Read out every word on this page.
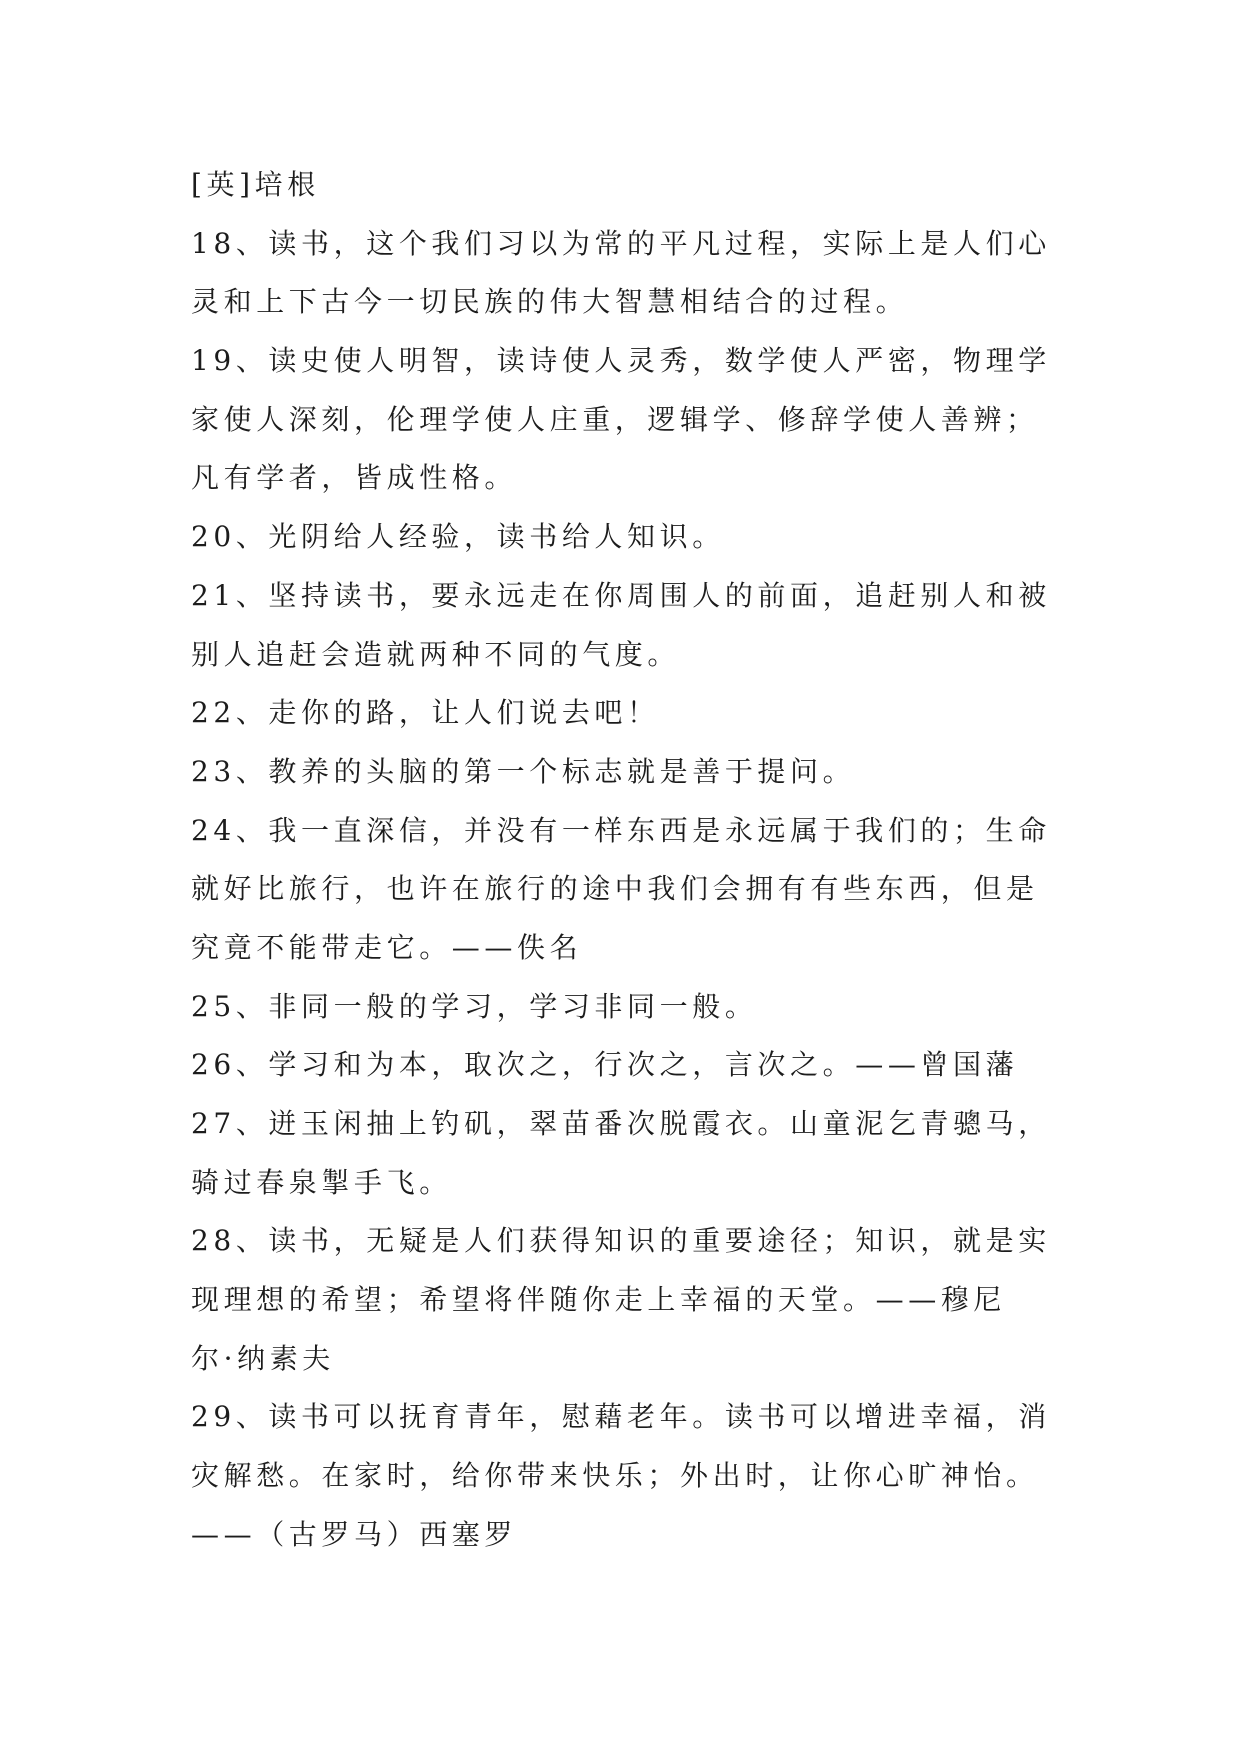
[英]培根
18、读书，这个我们习以为常的平凡过程，实际上是人们心
灵和上下古今一切民族的伟大智慧相结合的过程。
19、读史使人明智，读诗使人灵秀，数学使人严密，物理学
家使人深刻，伦理学使人庄重，逻辑学、修辞学使人善辨；
凡有学者，皆成性格。
20、光阴给人经验，读书给人知识。
21、坚持读书，要永远走在你周围人的前面，追赶别人和被
别人追赶会造就两种不同的气度。
22、走你的路，让人们说去吧！
23、教养的头脑的第一个标志就是善于提问。
24、我一直深信，并没有一样东西是永远属于我们的；生命
就好比旅行，也许在旅行的途中我们会拥有有些东西，但是
究竟不能带走它。——佚名
25、非同一般的学习，学习非同一般。
26、学习和为本，取次之，行次之，言次之。——曾国藩
27、迸玉闲抽上钓矶，翠苗番次脱霞衣。山童泥乞青骢马，
骑过春泉掣手飞。
28、读书，无疑是人们获得知识的重要途径；知识，就是实
现理想的希望；希望将伴随你走上幸福的天堂。——穆尼
尔·纳素夫
29、读书可以抚育青年，慰藉老年。读书可以增进幸福，消
灾解愁。在家时，给你带来快乐；外出时，让你心旷神怡。
——（古罗马）西塞罗
